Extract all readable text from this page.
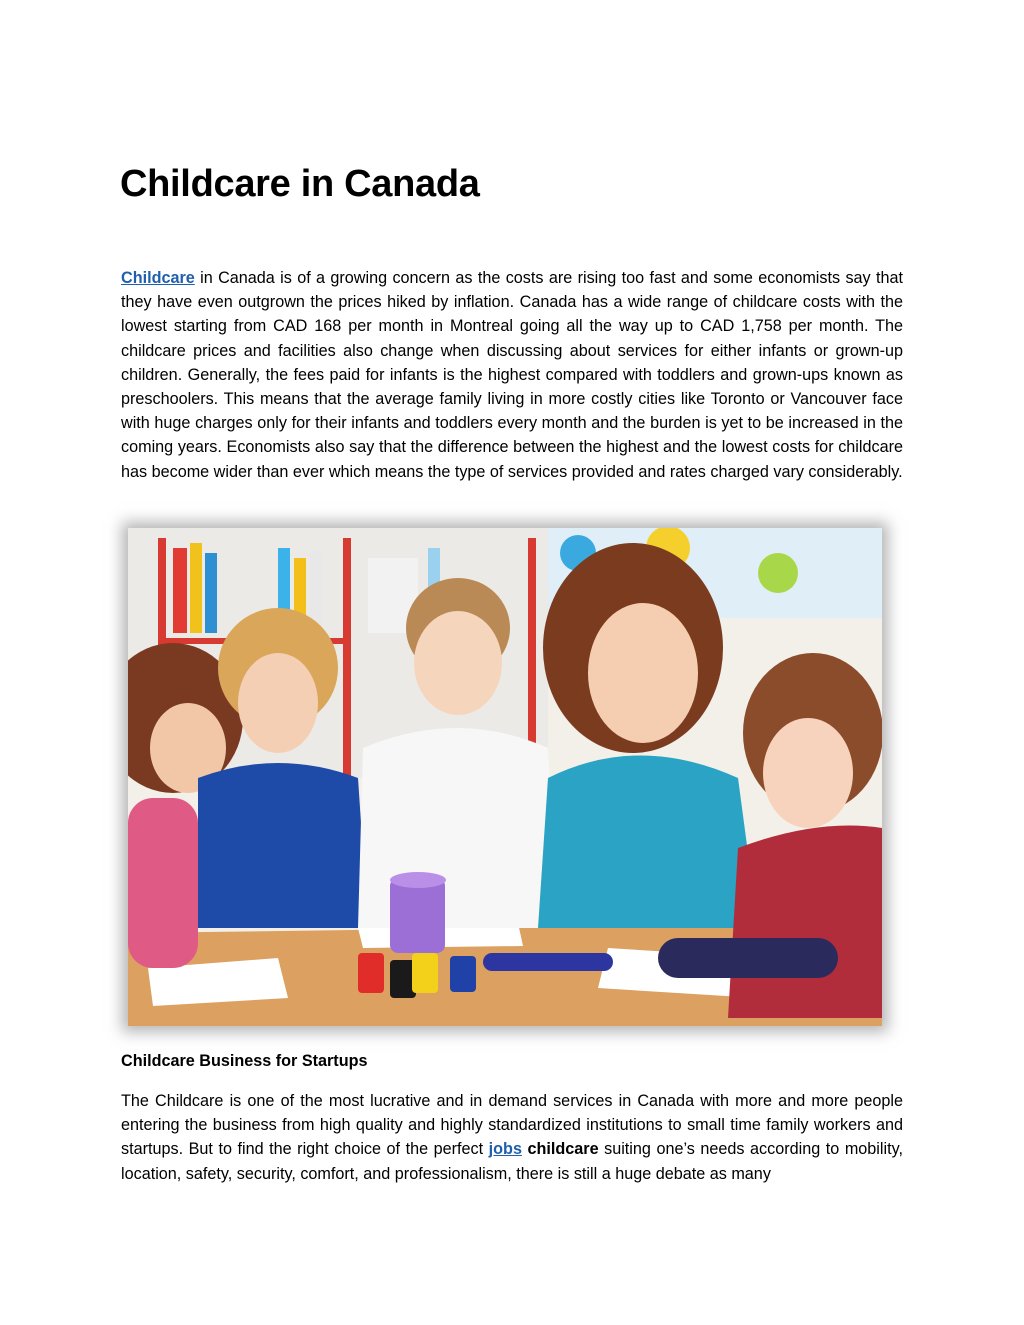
Childcare in Canada

Childcare in Canada is of a growing concern as the costs are rising too fast and some economists say that they have even outgrown the prices hiked by inflation. Canada has a wide range of childcare costs with the lowest starting from CAD 168 per month in Montreal going all the way up to CAD 1,758 per month. The childcare prices and facilities also change when discussing about services for either infants or grown-up children. Generally, the fees paid for infants is the highest compared with toddlers and grown-ups known as preschoolers. This means that the average family living in more costly cities like Toronto or Vancouver face with huge charges only for their infants and toddlers every month and the burden is yet to be increased in the coming years. Economists also say that the difference between the highest and the lowest costs for childcare has become wider than ever which means the type of services provided and rates charged vary considerably.

Childcare Business for Startups

The Childcare is one of the most lucrative and in demand services in Canada with more and more people entering the business from high quality and highly standardized institutions to small time family workers and startups. But to find the right choice of the perfect jobs childcare suiting one’s needs according to mobility, location, safety, security, comfort, and professionalism, there is still a huge debate as many
